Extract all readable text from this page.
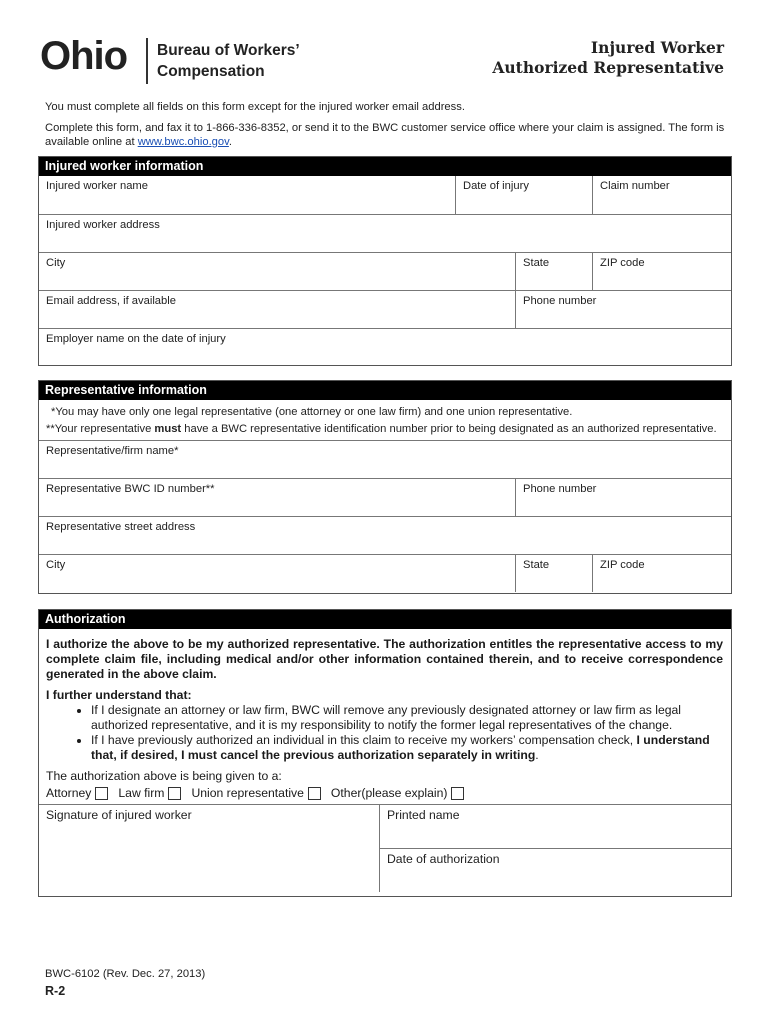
Ohio Bureau of Workers’
Compensation
Injured Worker
Authorized Representative
You must complete all fields on this form except for the injured worker email address.
Complete this form, and fax it to 1-866-336-8352, or send it to the BWC customer service office where your claim is assigned. The form is available online at www.bwc.ohio.gov.
Injured worker information
Injured worker name	Date of injury	Claim number
Injured worker address
City	State	ZIP code
Email address, if available	Phone number
Employer name on the date of injury
Representative information
*You may have only one legal representative (one attorney or one law firm) and one union representative.
**Your representative must have a BWC representative identification number prior to being designated as an authorized representative.
Representative/firm name*
Representative BWC ID number**	Phone number
Representative street address
City	State	ZIP code
Authorization
I authorize the above to be my authorized representative. The authorization entitles the representative access to my complete claim file, including medical and/or other information contained therein, and to receive correspondence generated in the above claim.
I further understand that:
• If I designate an attorney or law firm, BWC will remove any previously designated attorney or law firm as legal authorized representative, and it is my responsibility to notify the former legal representatives of the change.
• If I have previously authorized an individual in this claim to receive my workers’ compensation check, I understand that, if desired, I must cancel the previous authorization separately in writing.
The authorization above is being given to a:
Attorney Law firm Union representative Other(please explain)
Signature of injured worker	Printed name
Date of authorization
BWC-6102 (Rev. Dec. 27, 2013)
R-2
